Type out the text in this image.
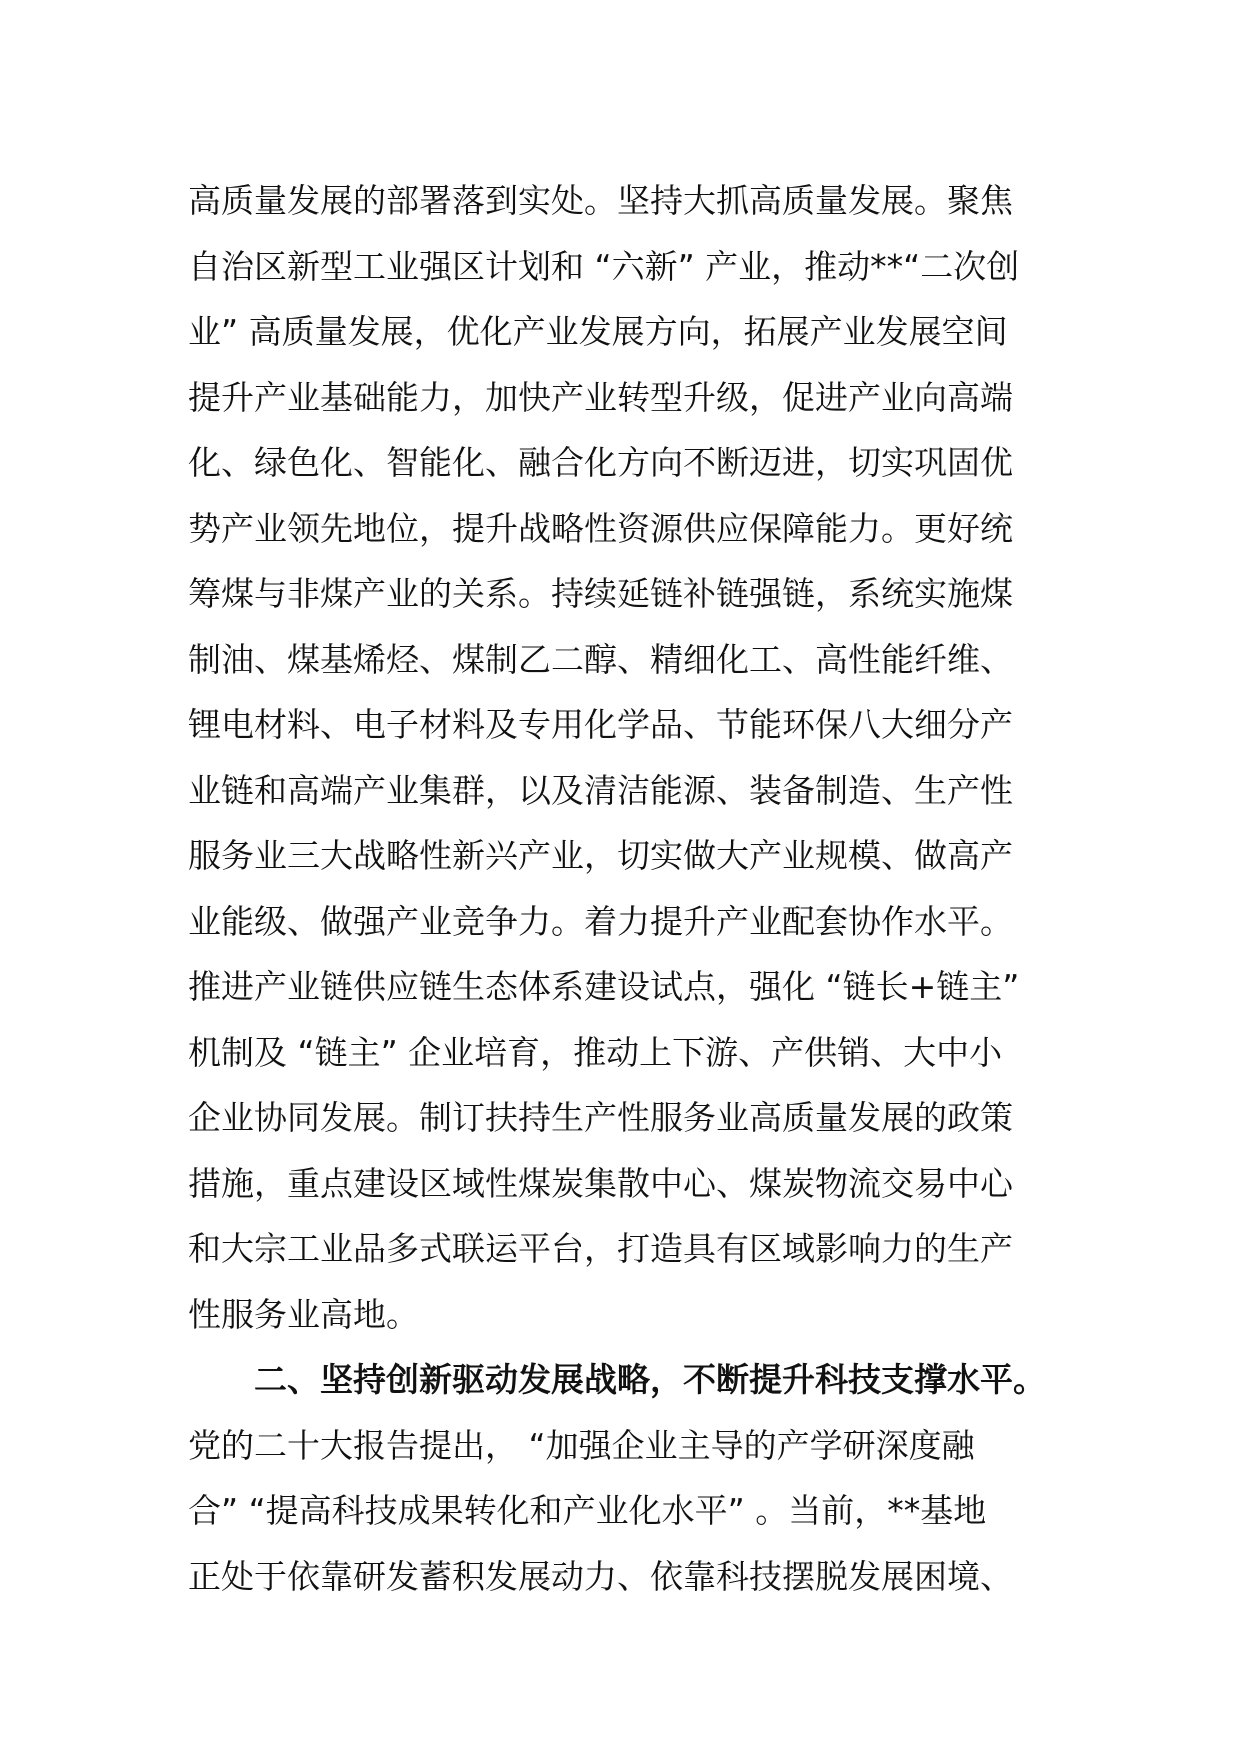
高质量发展的部署落到实处。坚持大抓高质量发展。聚焦
自治区新型工业强区计划和 “六新” 产业，推动**“二次创
业” 高质量发展，优化产业发展方向，拓展产业发展空间
提升产业基础能力，加快产业转型升级，促进产业向高端
化、绿色化、智能化、融合化方向不断迈进，切实巩固优
势产业领先地位，提升战略性资源供应保障能力。更好统
筹煤与非煤产业的关系。持续延链补链强链，系统实施煤
制油、煤基烯烃、煤制乙二醇、精细化工、高性能纤维、
锂电材料、电子材料及专用化学品、节能环保八大细分产
业链和高端产业集群，以及清洁能源、装备制造、生产性
服务业三大战略性新兴产业，切实做大产业规模、做高产
业能级、做强产业竞争力。着力提升产业配套协作水平。
推进产业链供应链生态体系建设试点，强化 “链长+链主”
机制及 “链主” 企业培育，推动上下游、产供销、大中小
企业协同发展。制订扶持生产性服务业高质量发展的政策
措施，重点建设区域性煤炭集散中心、煤炭物流交易中心
和大宗工业品多式联运平台，打造具有区域影响力的生产
性服务业高地。
二、坚持创新驱动发展战略，不断提升科技支撑水平。
党的二十大报告提出， “加强企业主导的产学研深度融
合” “提高科技成果转化和产业化水平” 。当前，**基地
正处于依靠研发蓄积发展动力、依靠科技摆脱发展困境、
